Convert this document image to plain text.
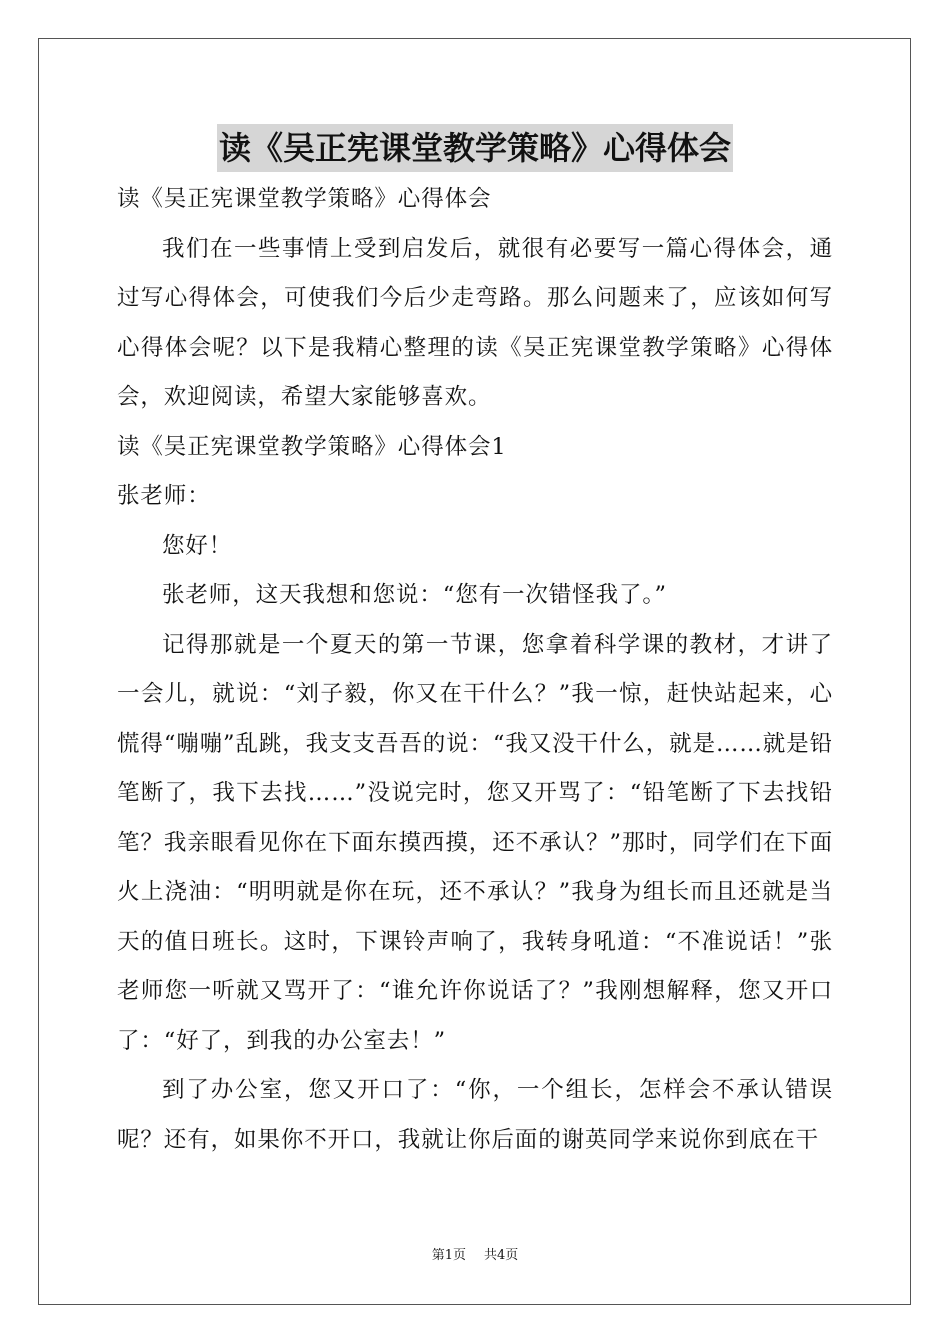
读《吴正宪课堂教学策略》心得体会

读《吴正宪课堂教学策略》心得体会

我们在一些事情上受到启发后，就很有必要写一篇心得体会，通过写心得体会，可使我们今后少走弯路。那么问题来了，应该如何写心得体会呢？以下是我精心整理的读《吴正宪课堂教学策略》心得体会，欢迎阅读，希望大家能够喜欢。

读《吴正宪课堂教学策略》心得体会1

张老师：

您好！

张老师，这天我想和您说：“您有一次错怪我了。”

记得那就是一个夏天的第一节课，您拿着科学课的教材，才讲了一会儿，就说：“刘子毅，你又在干什么？”我一惊，赶快站起来，心慌得“嘣嘣”乱跳，我支支吾吾的说：“我又没干什么，就是……就是铅笔断了，我下去找……”没说完时，您又开骂了：“铅笔断了下去找铅笔？我亲眼看见你在下面东摸西摸，还不承认？”那时，同学们在下面火上浇油：“明明就是你在玩，还不承认？”我身为组长而且还就是当天的值日班长。这时，下课铃声响了，我转身吼道：“不准说话！”张老师您一听就又骂开了：“谁允许你说话了？”我刚想解释，您又开口了：“好了，到我的办公室去！”

到了办公室，您又开口了：“你，一个组长，怎样会不承认错误呢？还有，如果你不开口，我就让你后面的谢英同学来说你到底在干

第1页 共4页
